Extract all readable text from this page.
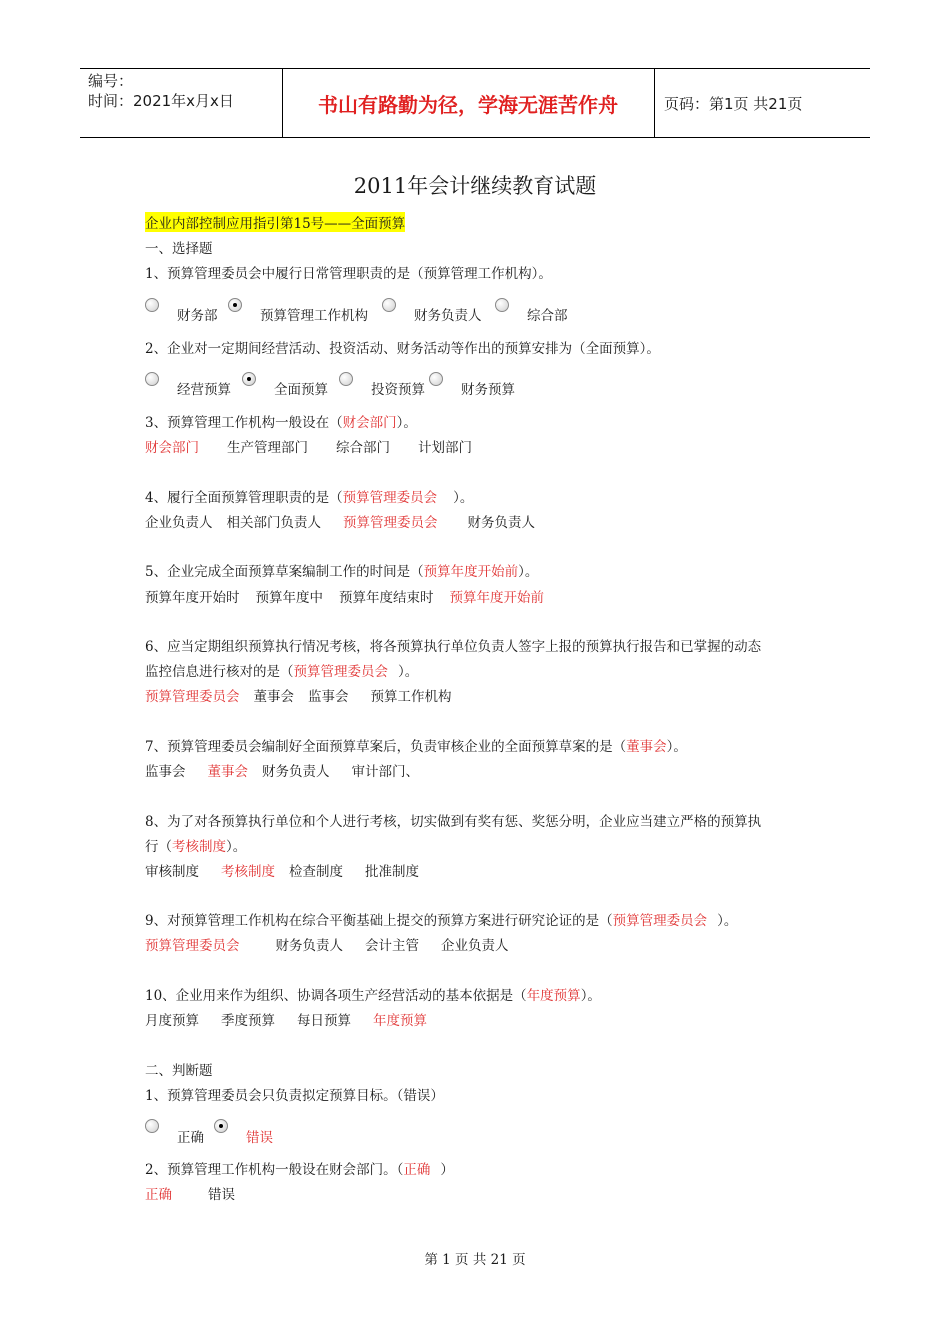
编号：
时间：2021年x月x日	书山有路勤为径，学海无涯苦作舟	页码：第1页 共21页
2011年会计继续教育试题
企业内部控制应用指引第15号——全面预算
一、选择题
1、预算管理委员会中履行日常管理职责的是（预算管理工作机构）。
财务部	预算管理工作机构	财务负责人	综合部
2、企业对一定期间经营活动、投资活动、财务活动等作出的预算安排为（全面预算）。
经营预算	全面预算	投资预算	财务预算
3、预算管理工作机构一般设在（财会部门）。
财会部门 生产管理部门 综合部门 计划部门
4、履行全面预算管理职责的是（预算管理委员会 ）。
企业负责人 相关部门负责人 预算管理委员会 财务负责人
5、企业完成全面预算草案编制工作的时间是（预算年度开始前）。
预算年度开始时 预算年度中 预算年度结束时 预算年度开始前
6、应当定期组织预算执行情况考核，将各预算执行单位负责人签字上报的预算执行报告和已掌握的动态
监控信息进行核对的是（预算管理委员会 ）。
预算管理委员会 董事会 监事会 预算工作机构
7、预算管理委员会编制好全面预算草案后，负责审核企业的全面预算草案的是（董事会）。
监事会 董事会 财务负责人 审计部门、
8、为了对各预算执行单位和个人进行考核，切实做到有奖有惩、奖惩分明，企业应当建立严格的预算执
行（考核制度）。
审核制度 考核制度 检查制度 批准制度
9、对预算管理工作机构在综合平衡基础上提交的预算方案进行研究论证的是（预算管理委员会 ）。
预算管理委员会	财务负责人 会计主管 企业负责人
10、企业用来作为组织、协调各项生产经营活动的基本依据是（年度预算）。
月度预算 季度预算 每日预算 年度预算
二、判断题
1、预算管理委员会只负责拟定预算目标。（错误）
正确	错误
2、预算管理工作机构一般设在财会部门。（正确 ）
正确	错误
第 1 页 共 21 页
